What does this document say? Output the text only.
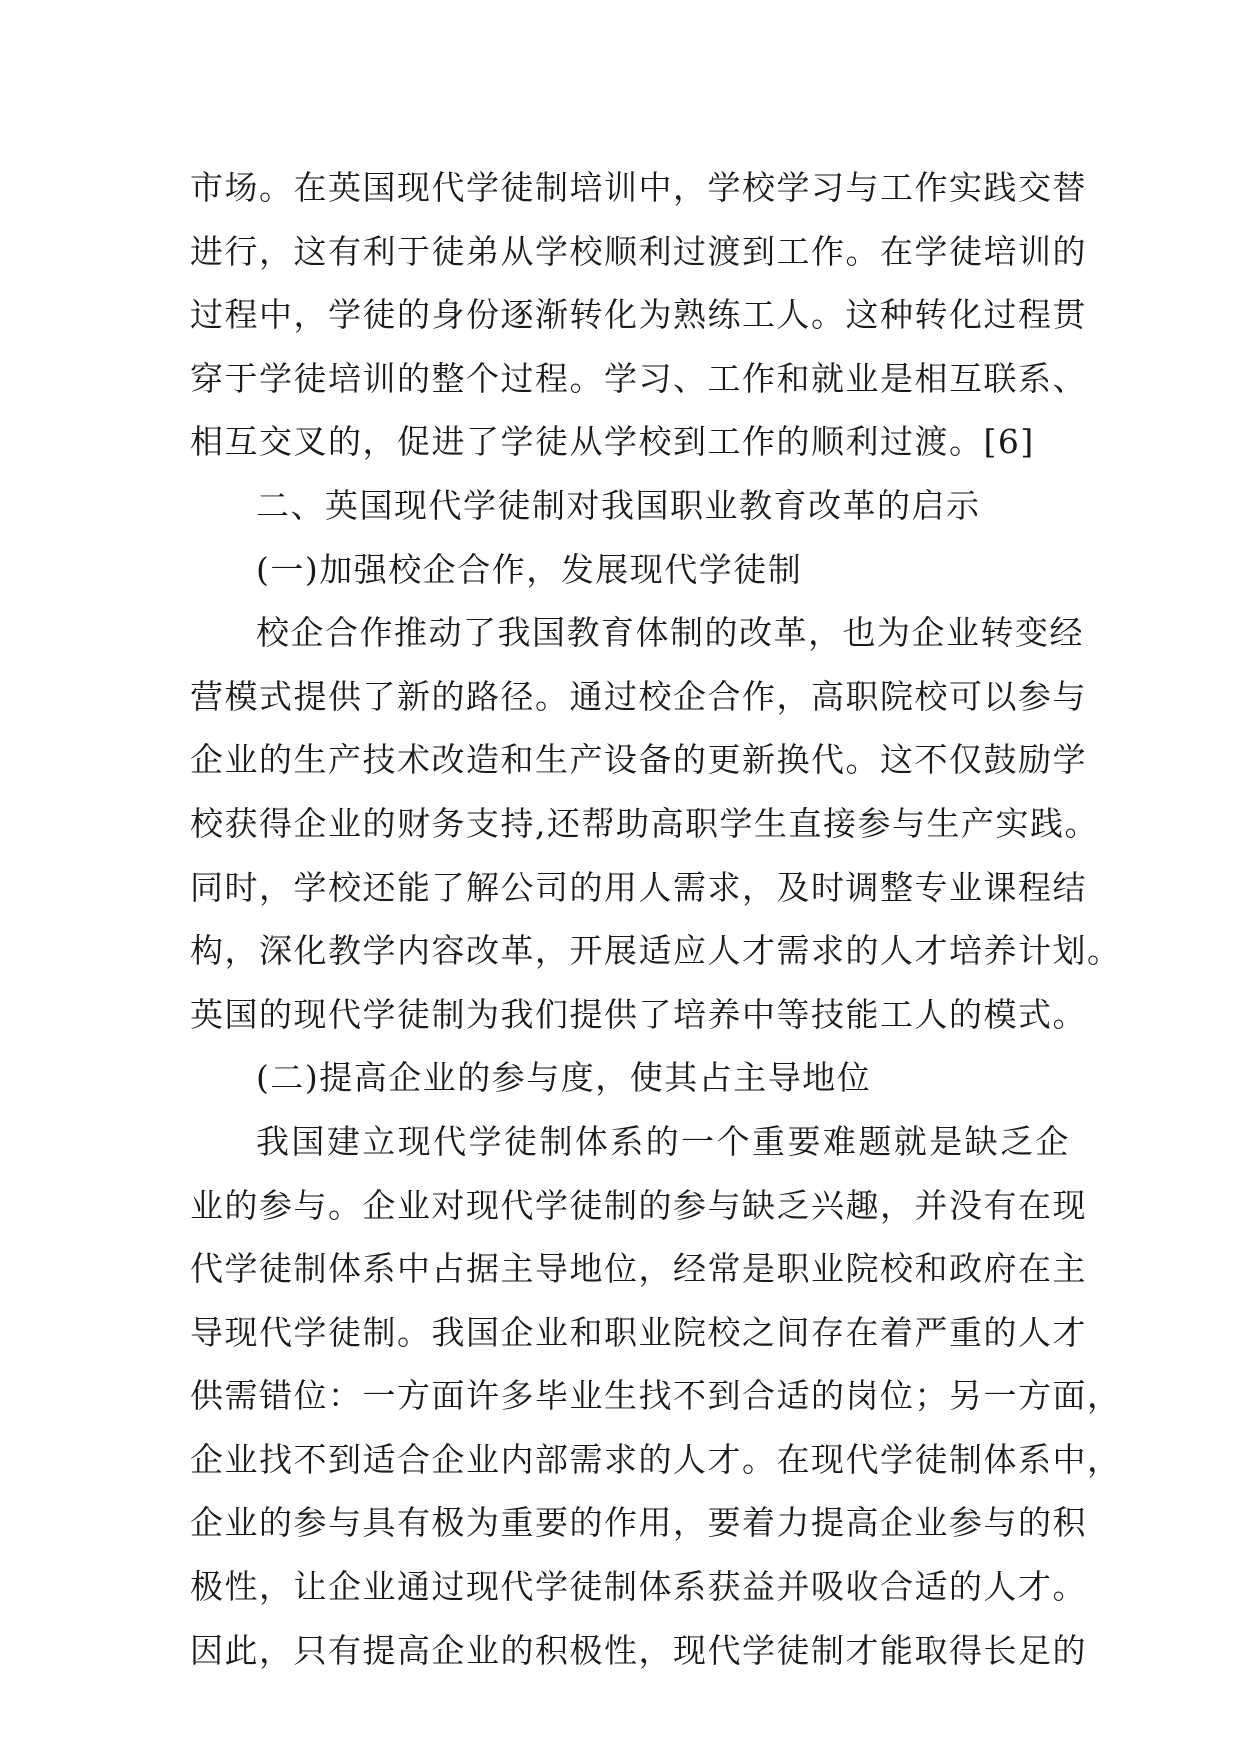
市场。在英国现代学徒制培训中，学校学习与工作实践交替
进行，这有利于徒弟从学校顺利过渡到工作。在学徒培训的
过程中，学徒的身份逐渐转化为熟练工人。这种转化过程贯
穿于学徒培训的整个过程。学习、工作和就业是相互联系、
相互交叉的，促进了学徒从学校到工作的顺利过渡。[6]
二、英国现代学徒制对我国职业教育改革的启示
(一)加强校企合作，发展现代学徒制
校企合作推动了我国教育体制的改革，也为企业转变经
营模式提供了新的路径。通过校企合作，高职院校可以参与
企业的生产技术改造和生产设备的更新换代。这不仅鼓励学
校获得企业的财务支持,还帮助高职学生直接参与生产实践。
同时，学校还能了解公司的用人需求，及时调整专业课程结
构，深化教学内容改革，开展适应人才需求的人才培养计划。
英国的现代学徒制为我们提供了培养中等技能工人的模式。
(二)提高企业的参与度，使其占主导地位
我国建立现代学徒制体系的一个重要难题就是缺乏企
业的参与。企业对现代学徒制的参与缺乏兴趣，并没有在现
代学徒制体系中占据主导地位，经常是职业院校和政府在主
导现代学徒制。我国企业和职业院校之间存在着严重的人才
供需错位：一方面许多毕业生找不到合适的岗位；另一方面，
企业找不到适合企业内部需求的人才。在现代学徒制体系中，
企业的参与具有极为重要的作用，要着力提高企业参与的积
极性，让企业通过现代学徒制体系获益并吸收合适的人才。
因此，只有提高企业的积极性，现代学徒制才能取得长足的
